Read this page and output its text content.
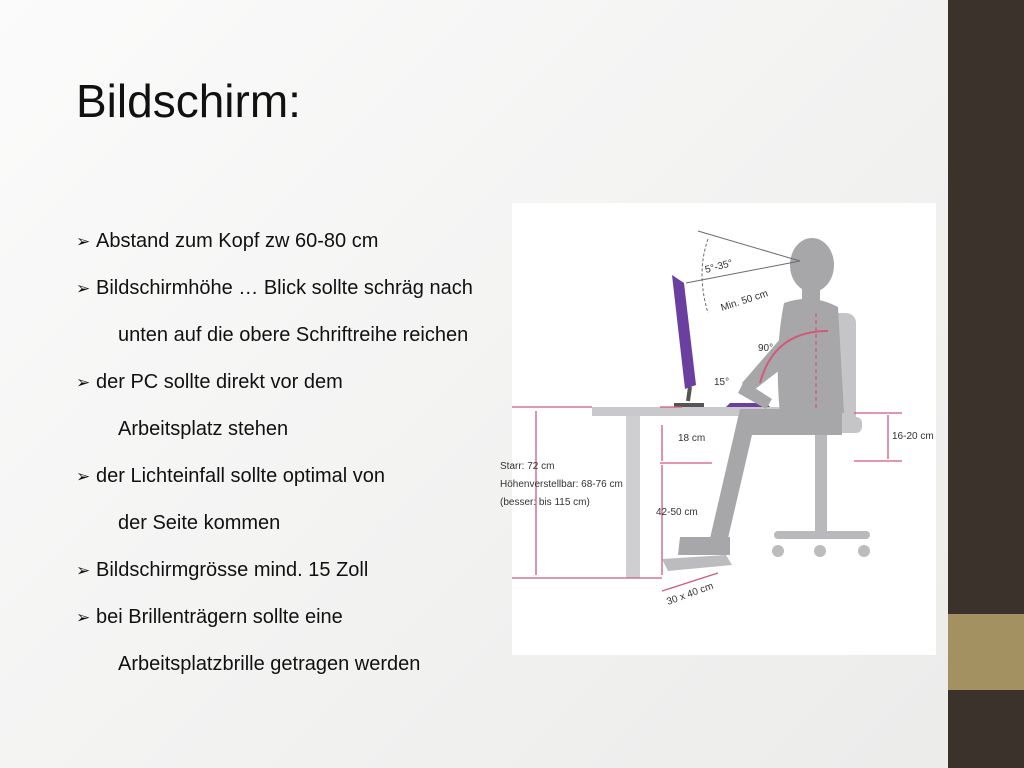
Bildschirm:
➢ Abstand zum Kopf zw 60-80 cm
➢ Bildschirmhöhe … Blick sollte schräg nach
unten auf die obere Schriftreihe reichen
➢ der PC sollte direkt vor dem
Arbeitsplatz stehen
➢ der Lichteinfall sollte optimal von
der Seite kommen
➢ Bildschirmgrösse mind. 15 Zoll
➢ bei Brillenträgern sollte eine
Arbeitsplatzbrille getragen werden
5°-35°
Min. 50 cm
90°
15°
18 cm	16-20 cm
Starr: 72 cm
Höhenverstellbar: 68-76 cm
(besser: bis 115 cm)
42-50 cm
30 x 40 cm
